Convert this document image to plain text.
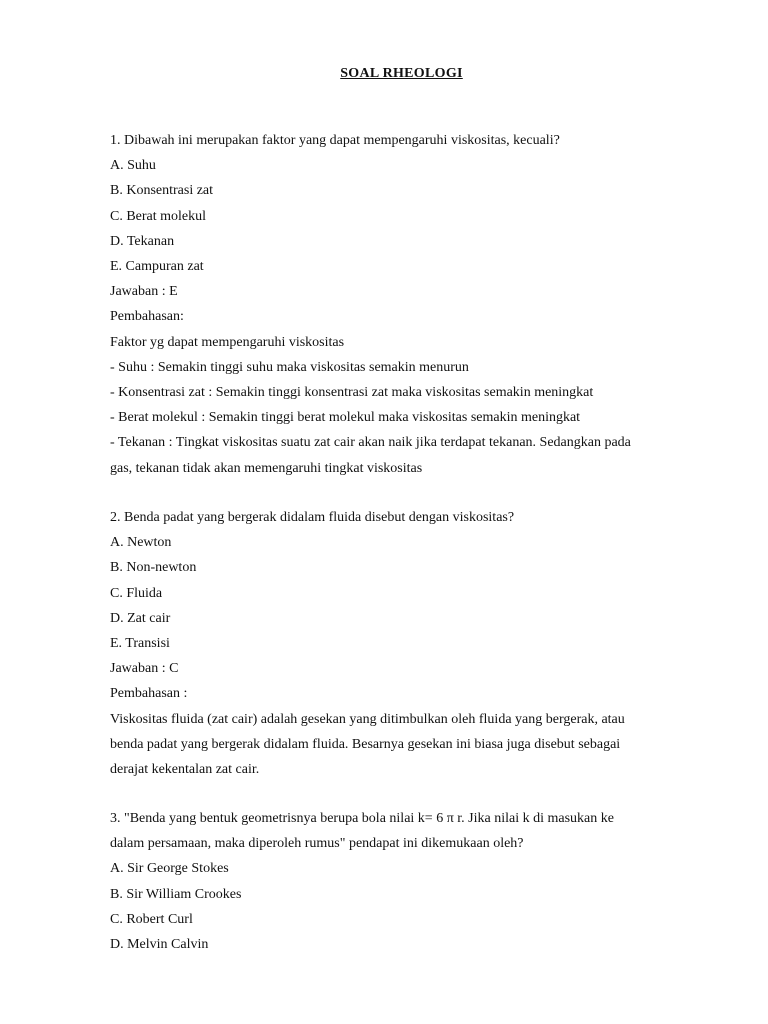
SOAL RHEOLOGI
1. Dibawah ini merupakan faktor yang dapat mempengaruhi viskositas, kecuali?
A. Suhu
B. Konsentrasi zat
C. Berat molekul
D. Tekanan
E. Campuran zat
Jawaban : E
Pembahasan:
Faktor yg dapat mempengaruhi viskositas
- Suhu : Semakin tinggi suhu maka viskositas semakin menurun
- Konsentrasi zat : Semakin tinggi konsentrasi zat maka viskositas semakin meningkat
- Berat molekul : Semakin tinggi berat molekul maka viskositas semakin meningkat
- Tekanan : Tingkat viskositas suatu zat cair akan naik jika terdapat tekanan. Sedangkan pada
gas, tekanan tidak akan memengaruhi tingkat viskositas
2. Benda padat yang bergerak didalam fluida disebut dengan viskositas?
A. Newton
B. Non-newton
C. Fluida
D. Zat cair
E. Transisi
Jawaban : C
Pembahasan :
Viskositas fluida (zat cair) adalah gesekan yang ditimbulkan oleh fluida yang bergerak, atau
benda padat yang bergerak didalam fluida. Besarnya gesekan ini biasa juga disebut sebagai
derajat kekentalan zat cair.
3. "Benda yang bentuk geometrisnya berupa bola nilai k= 6 π r. Jika nilai k di masukan ke
dalam persamaan, maka diperoleh rumus" pendapat ini dikemukaan oleh?
A. Sir George Stokes
B. Sir William Crookes
C. Robert Curl
D. Melvin Calvin
